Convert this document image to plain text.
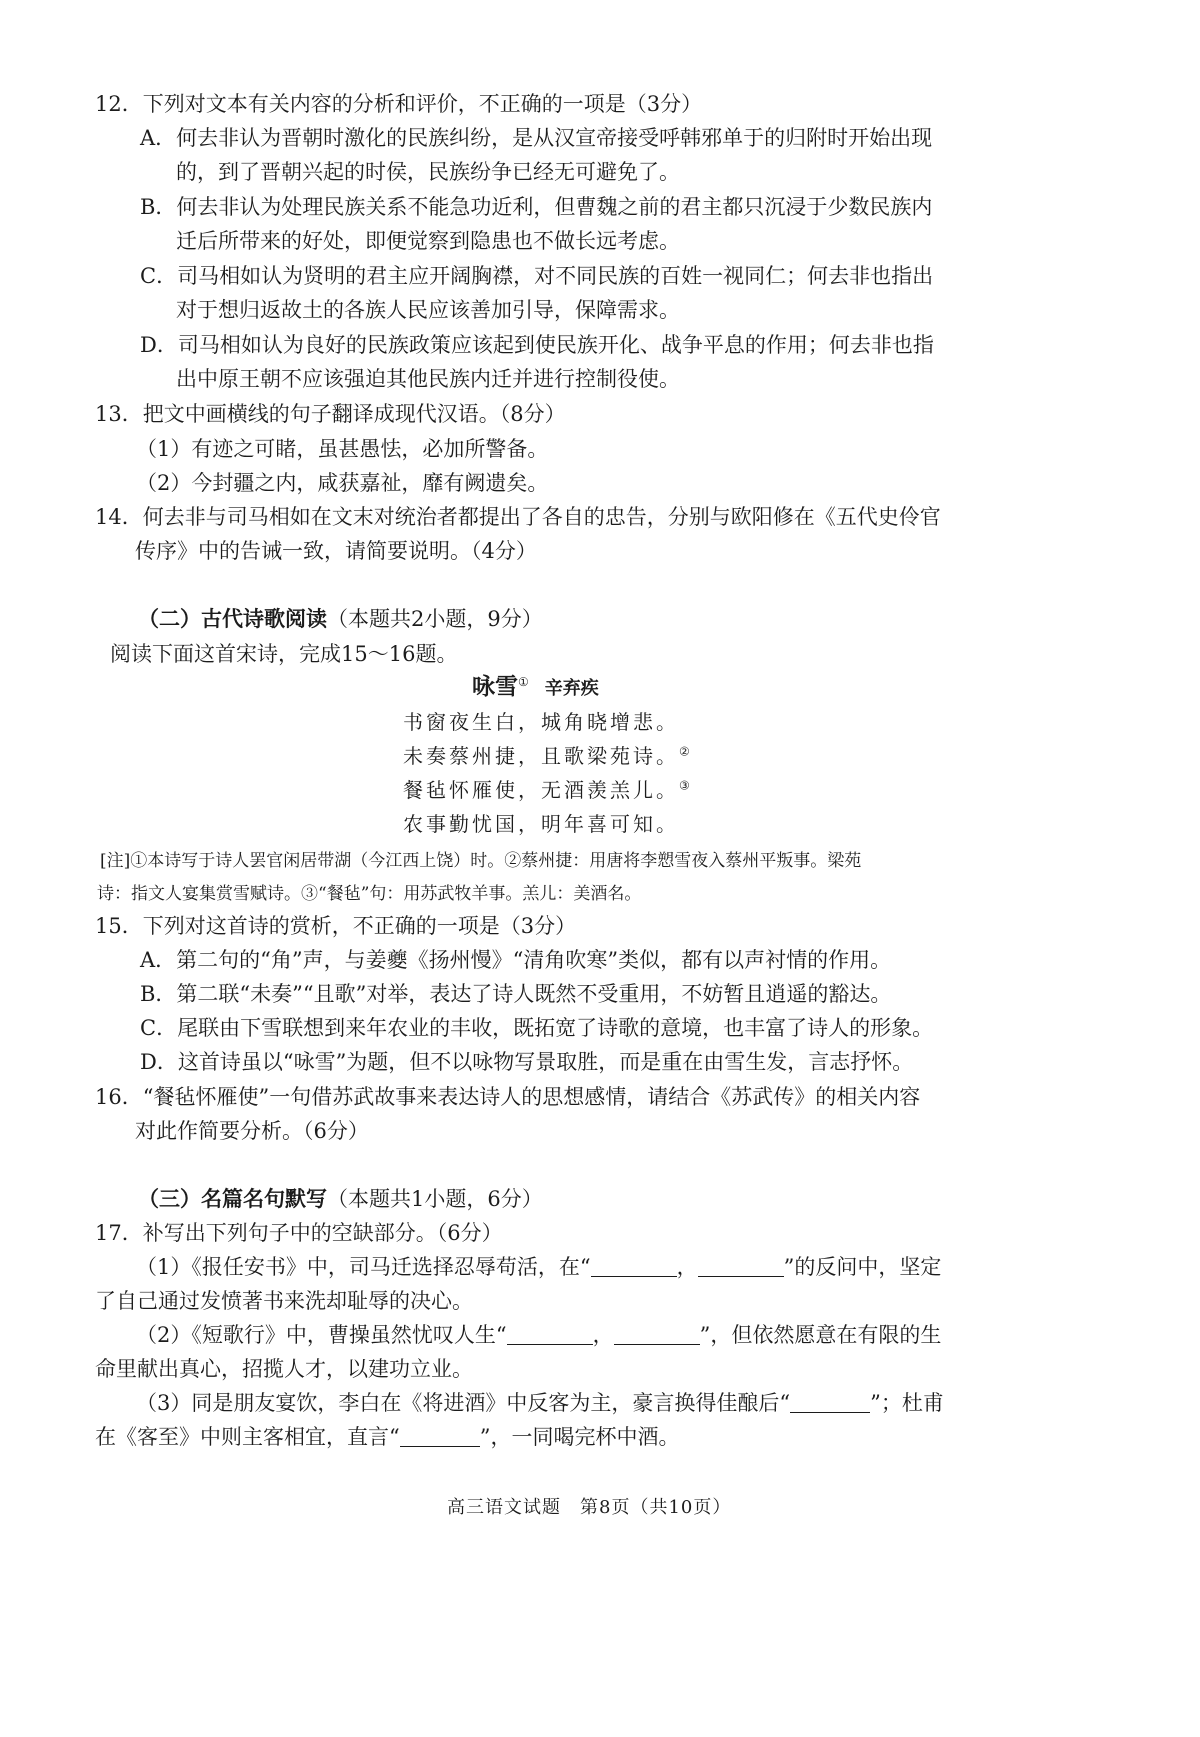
12．下列对文本有关内容的分析和评价，不正确的一项是（3分）
A．何去非认为晋朝时激化的民族纠纷，是从汉宣帝接受呼韩邪单于的归附时开始出现
的，到了晋朝兴起的时侯，民族纷争已经无可避免了。
B．何去非认为处理民族关系不能急功近利，但曹魏之前的君主都只沉浸于少数民族内
迁后所带来的好处，即便觉察到隐患也不做长远考虑。
C．司马相如认为贤明的君主应开阔胸襟，对不同民族的百姓一视同仁；何去非也指出
对于想归返故土的各族人民应该善加引导，保障需求。
D．司马相如认为良好的民族政策应该起到使民族开化、战争平息的作用；何去非也指
出中原王朝不应该强迫其他民族内迁并进行控制役使。
13．把文中画横线的句子翻译成现代汉语。（8分）
（1）有迹之可睹，虽甚愚怯，必加所警备。
（2）今封疆之内，咸获嘉祉，靡有阙遗矣。
14．何去非与司马相如在文末对统治者都提出了各自的忠告，分别与欧阳修在《五代史伶官
传序》中的告诫一致，请简要说明。（4分）
（二）古代诗歌阅读（本题共2小题，9分）
阅读下面这首宋诗，完成15～16题。
咏雪① 辛弃疾
书窗夜生白，城角晓增悲。
未奏蔡州捷，且歌梁苑诗。②
餐毡怀雁使，无酒羡羔儿。③
农事勤忧国，明年喜可知。
[注]①本诗写于诗人罢官闲居带湖（今江西上饶）时。②蔡州捷：用唐将李愬雪夜入蔡州平叛事。梁苑
诗：指文人宴集赏雪赋诗。③“餐毡”句：用苏武牧羊事。羔儿：美酒名。
15．下列对这首诗的赏析，不正确的一项是（3分）
A．第二句的“角”声，与姜夔《扬州慢》“清角吹寒”类似，都有以声衬情的作用。
B．第二联“未奏”“且歌”对举，表达了诗人既然不受重用，不妨暂且逍遥的豁达。
C．尾联由下雪联想到来年农业的丰收，既拓宽了诗歌的意境，也丰富了诗人的形象。
D．这首诗虽以“咏雪”为题，但不以咏物写景取胜，而是重在由雪生发，言志抒怀。
16．“餐毡怀雁使”一句借苏武故事来表达诗人的思想感情，请结合《苏武传》的相关内容
对此作简要分析。（6分）
（三）名篇名句默写（本题共1小题，6分）
17．补写出下列句子中的空缺部分。（6分）
（1）《报任安书》中，司马迁选择忍辱苟活，在“	，	”的反问中，坚定
了自己通过发愤著书来洗却耻辱的决心。
（2）《短歌行》中，曹操虽然忧叹人生“	，	”，但依然愿意在有限的生
命里献出真心，招揽人才，以建功立业。
（3）同是朋友宴饮，李白在《将进酒》中反客为主，豪言换得佳酿后“	”；杜甫
在《客至》中则主客相宜，直言“	”，一同喝完杯中酒。
高三语文试题　第8页（共10页）
